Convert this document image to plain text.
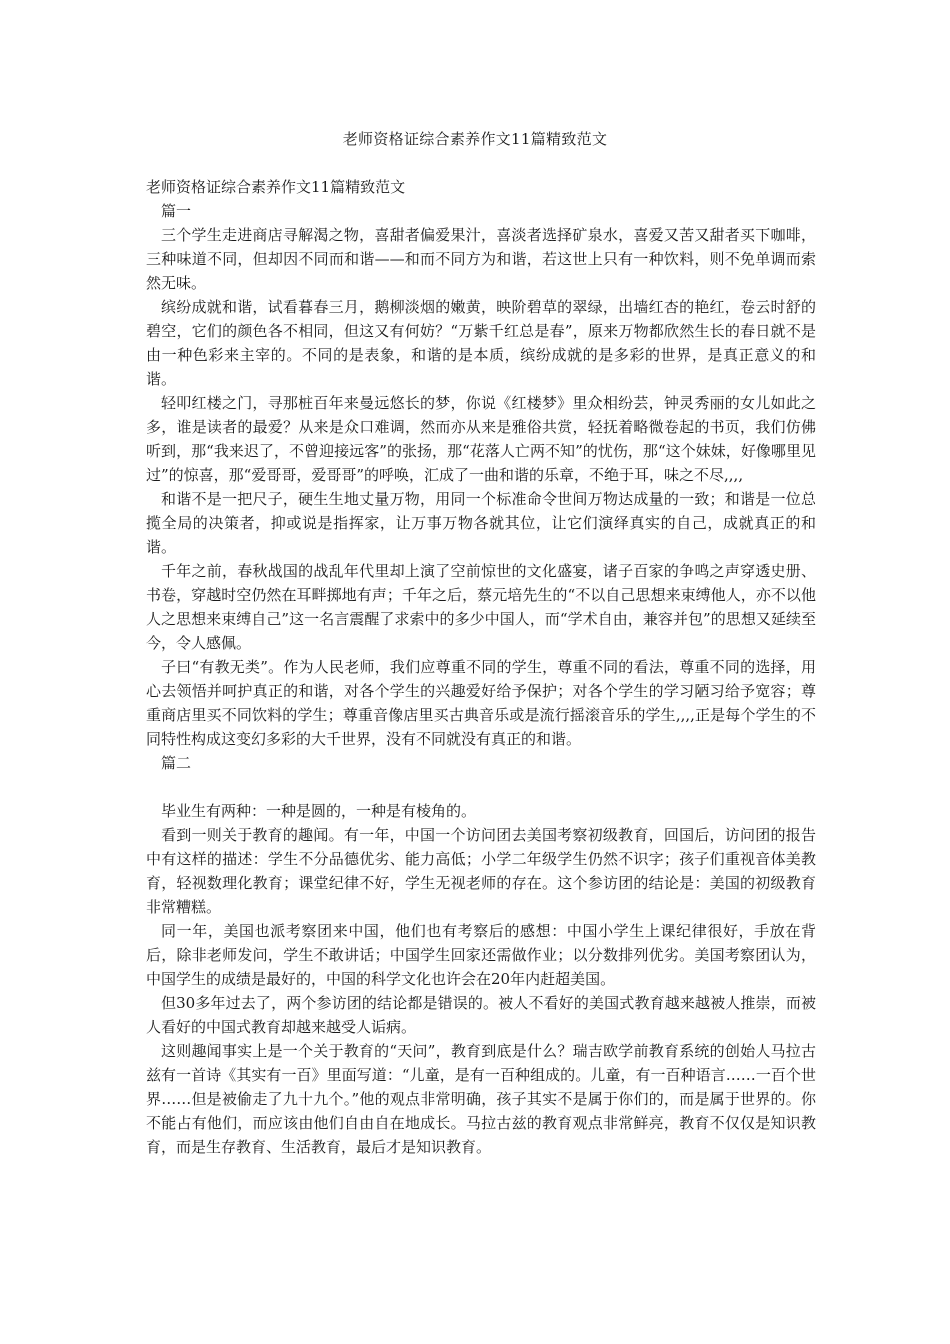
老师资格证综合素养作文11篇精致范文

老师资格证综合素养作文11篇精致范文

篇一

三个学生走进商店寻解渴之物，喜甜者偏爱果汁，喜淡者选择矿泉水，喜爱又苦又甜者买下咖啡，三种味道不同，但却因不同而和谐——和而不同方为和谐，若这世上只有一种饮料，则不免单调而索然无味。

缤纷成就和谐，试看暮春三月，鹅柳淡烟的嫩黄，映阶碧草的翠绿，出墙红杏的艳红，卷云时舒的碧空，它们的颜色各不相同，但这又有何妨？“万紫千红总是春”，原来万物都欣然生长的春日就不是由一种色彩来主宰的。不同的是表象，和谐的是本质，缤纷成就的是多彩的世界，是真正意义的和谐。

轻叩红楼之门，寻那桩百年来曼远悠长的梦，你说《红楼梦》里众相纷芸，钟灵秀丽的女儿如此之多，谁是读者的最爱？从来是众口难调，然而亦从来是雅俗共赏，轻抚着略微卷起的书页，我们仿佛听到，那“我来迟了，不曾迎接远客”的张扬，那“花落人亡两不知”的忧伤，那“这个妹妹，好像哪里见过”的惊喜，那“爱哥哥，爱哥哥”的呼唤，汇成了一曲和谐的乐章，不绝于耳，味之不尽,,,,

和谐不是一把尺子，硬生生地丈量万物，用同一个标准命令世间万物达成量的一致；和谐是一位总揽全局的决策者，抑或说是指挥家，让万事万物各就其位，让它们演绎真实的自己，成就真正的和谐。

千年之前，春秋战国的战乱年代里却上演了空前惊世的文化盛宴，诸子百家的争鸣之声穿透史册、书卷，穿越时空仍然在耳畔掷地有声；千年之后，蔡元培先生的“不以自己思想来束缚他人，亦不以他人之思想来束缚自己”这一名言震醒了求索中的多少中国人，而“学术自由，兼容并包”的思想又延续至今，令人感佩。

子曰“有教无类”。作为人民老师，我们应尊重不同的学生，尊重不同的看法，尊重不同的选择，用心去领悟并呵护真正的和谐，对各个学生的兴趣爱好给予保护；对各个学生的学习陋习给予宽容；尊重商店里买不同饮料的学生；尊重音像店里买古典音乐或是流行摇滚音乐的学生,,,,正是每个学生的不同特性构成这变幻多彩的大千世界，没有不同就没有真正的和谐。

篇二

毕业生有两种：一种是圆的，一种是有棱角的。

看到一则关于教育的趣闻。有一年，中国一个访问团去美国考察初级教育，回国后，访问团的报告中有这样的描述：学生不分品德优劣、能力高低；小学二年级学生仍然不识字；孩子们重视音体美教育，轻视数理化教育；课堂纪律不好，学生无视老师的存在。这个参访团的结论是：美国的初级教育非常糟糕。

同一年，美国也派考察团来中国，他们也有考察后的感想：中国小学生上课纪律很好，手放在背后，除非老师发问，学生不敢讲话；中国学生回家还需做作业；以分数排列优劣。美国考察团认为，中国学生的成绩是最好的，中国的科学文化也许会在20年内赶超美国。

但30多年过去了，两个参访团的结论都是错误的。被人不看好的美国式教育越来越被人推崇，而被人看好的中国式教育却越来越受人诟病。

这则趣闻事实上是一个关于教育的“天问”，教育到底是什么？瑞吉欧学前教育系统的创始人马拉古兹有一首诗《其实有一百》里面写道：“儿童，是有一百种组成的。儿童，有一百种语言……一百个世界……但是被偷走了九十九个。”他的观点非常明确，孩子其实不是属于你们的，而是属于世界的。你不能占有他们，而应该由他们自由自在地成长。马拉古兹的教育观点非常鲜亮，教育不仅仅是知识教育，而是生存教育、生活教育，最后才是知识教育。
